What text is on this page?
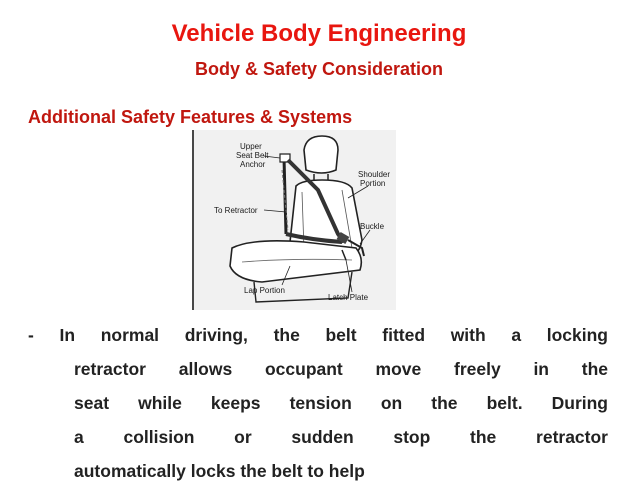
Vehicle Body Engineering
Body & Safety Consideration
Additional Safety Features & Systems
Upper
Seat Belt
Anchor
Shoulder
Portion
To Retractor
Buckle
Lap Portion
Latch Plate
- In normal driving, the belt fitted with a locking
retractor allows occupant move freely in the
seat while keeps tension on the belt. During
a collision or sudden stop the retractor
automatically locks the belt to help
